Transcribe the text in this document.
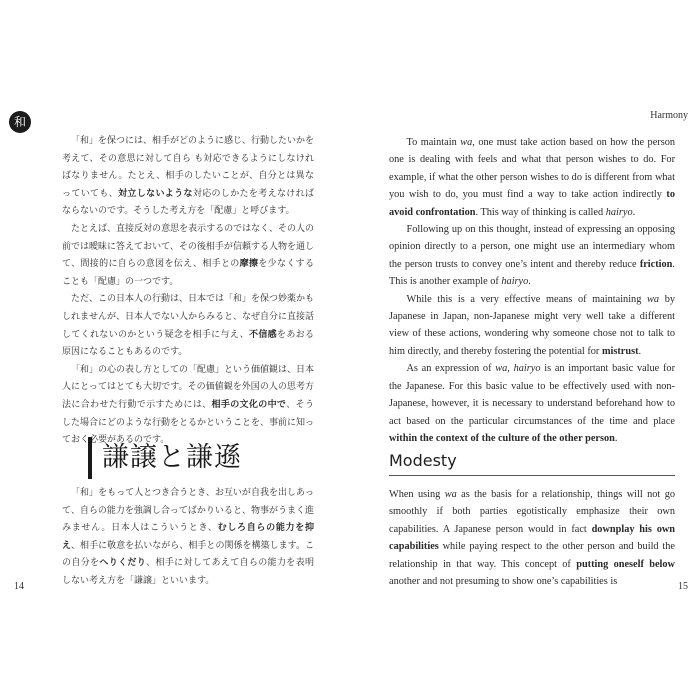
和

「和」を保つには、相手がどのように感じ、行動したいかを考えて、その意思に対して自ら も対応できるようにしなければなりません。たとえ、相手のしたいことが、自分とは異なっていても、対立しないような対応のしかたを考えなければならないのです。そうした考え方を「配慮」と呼びます。

たとえば、直接反対の意思を表示するのではなく、その人の前では曖昧に答えておいて、その後相手が信頼する人物を通して、間接的に自らの意図を伝え、相手との摩擦を少なくすることも「配慮」の一つです。

ただ、この日本人の行動は、日本では「和」を保つ妙薬かもしれませんが、日本人でない人からみると、なぜ自分に直接話してくれないのかという疑念を相手に与え、不信感をあおる原因になることもあるのです。

「和」の心の表し方としての「配慮」という価値観は、日本人にとってはとても大切です。その価値観を外国の人の思考方法に合わせた行動で示すためには、相手の文化の中で、そうした場合にどのような行動をとるかということを、事前に知っておく必要があるのです。

謙譲と謙遜

「和」をもって人とつき合うとき、お互いが自我を出しあって、自らの能力を強調し合ってばかりいると、物事がうまく進みません。日本人はこういうとき、むしろ自らの能力を抑え、相手に敬意を払いながら、相手との関係を構築します。この自分をへりくだり、相手に対してあえて自らの能力を表明しない考え方を「謙譲」といいます。

14
Harmony

To maintain wa, one must take action based on how the person one is dealing with feels and what that person wishes to do. For example, if what the other person wishes to do is different from what you wish to do, you must find a way to take action indirectly to avoid confrontation. This way of thinking is called hairyo.

Following up on this thought, instead of expressing an opposing opinion directly to a person, one might use an intermediary whom the person trusts to convey one’s intent and thereby reduce friction. This is another example of hairyo.

While this is a very effective means of maintaining wa by Japanese in Japan, non-Japanese might very well take a different view of these actions, wondering why someone chose not to talk to him directly, and thereby fostering the potential for mistrust.

As an expression of wa, hairyo is an important basic value for the Japanese. For this basic value to be effectively used with non-Japanese, however, it is necessary to understand beforehand how to act based on the particular circumstances of the time and place within the context of the culture of the other person.

Modesty

When using wa as the basis for a relationship, things will not go smoothly if both parties egotistically emphasize their own capabilities. A Japanese person would in fact downplay his own capabilities while paying respect to the other person and build the relationship in that way. This concept of putting oneself below another and not presuming to show one’s capabilities is	15
